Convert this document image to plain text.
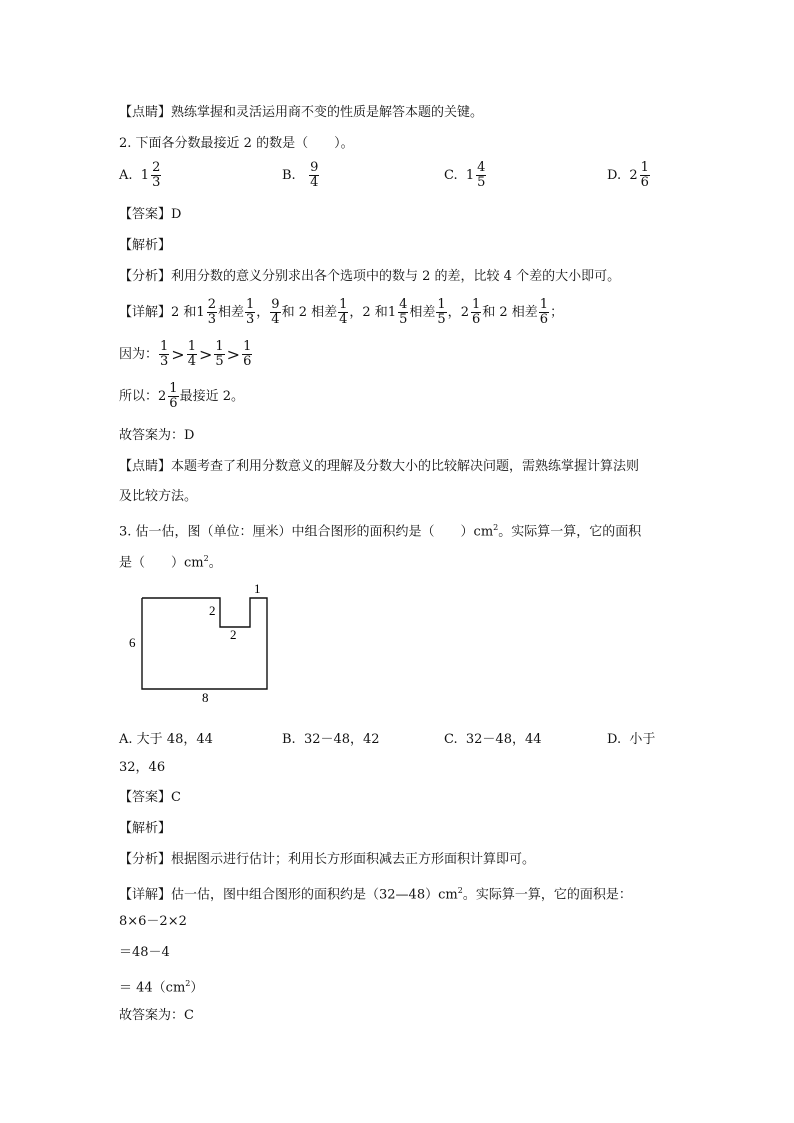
【点睛】熟练掌握和灵活运用商不变的性质是解答本题的关键。
2. 下面各分数最接近 2 的数是（　　）。
A. $1 \frac{2}{3}$	B. $\frac{9}{4}$	C. $1 \frac{4}{5}$	D. $2 \frac{1}{6}$
【答案】D
【解析】
【分析】利用分数的意义分别求出各个选项中的数与 2 的差，比较 4 个差的大小即可。
【详解】2 和$1 \frac{2}{3}$ 相差 $\frac{1}{3}$ ， $\frac{9}{4}$ 和 2 相差 $\frac{1}{4}$ ，2 和$1 \frac{4}{5}$ 相差 $\frac{1}{5}$ ，$2 \frac{1}{6}$ 和 2 相差 $\frac{1}{6}$ ；
因为： $\frac{1}{3} > \frac{1}{4} > \frac{1}{5} > \frac{1}{6}$
所以：$2 \frac{1}{6}$ 最接近 2。
故答案为：D
【点睛】本题考查了利用分数意义的理解及分数大小的比较解决问题，需熟练掌握计算法则
及比较方法。
3. 估一估，图（单位：厘米）中组合图形的面积约是（　　）$cm^2$。实际算一算，它的面积
是（　　）$cm^2$。
6
8
2
2
1
A. 大于 48，44	B. 32－48，42	C. 32－48，44	D. 小于
32，46
【答案】C
【解析】
【分析】根据图示进行估计；利用长方形面积减去正方形面积计算即可。
【详解】估一估，图中组合图形的面积约是$(32—48)cm^2$。实际算一算，它的面积是：
8×6－2×2
＝48－4
＝ $44(cm^2)$
故答案为：C
